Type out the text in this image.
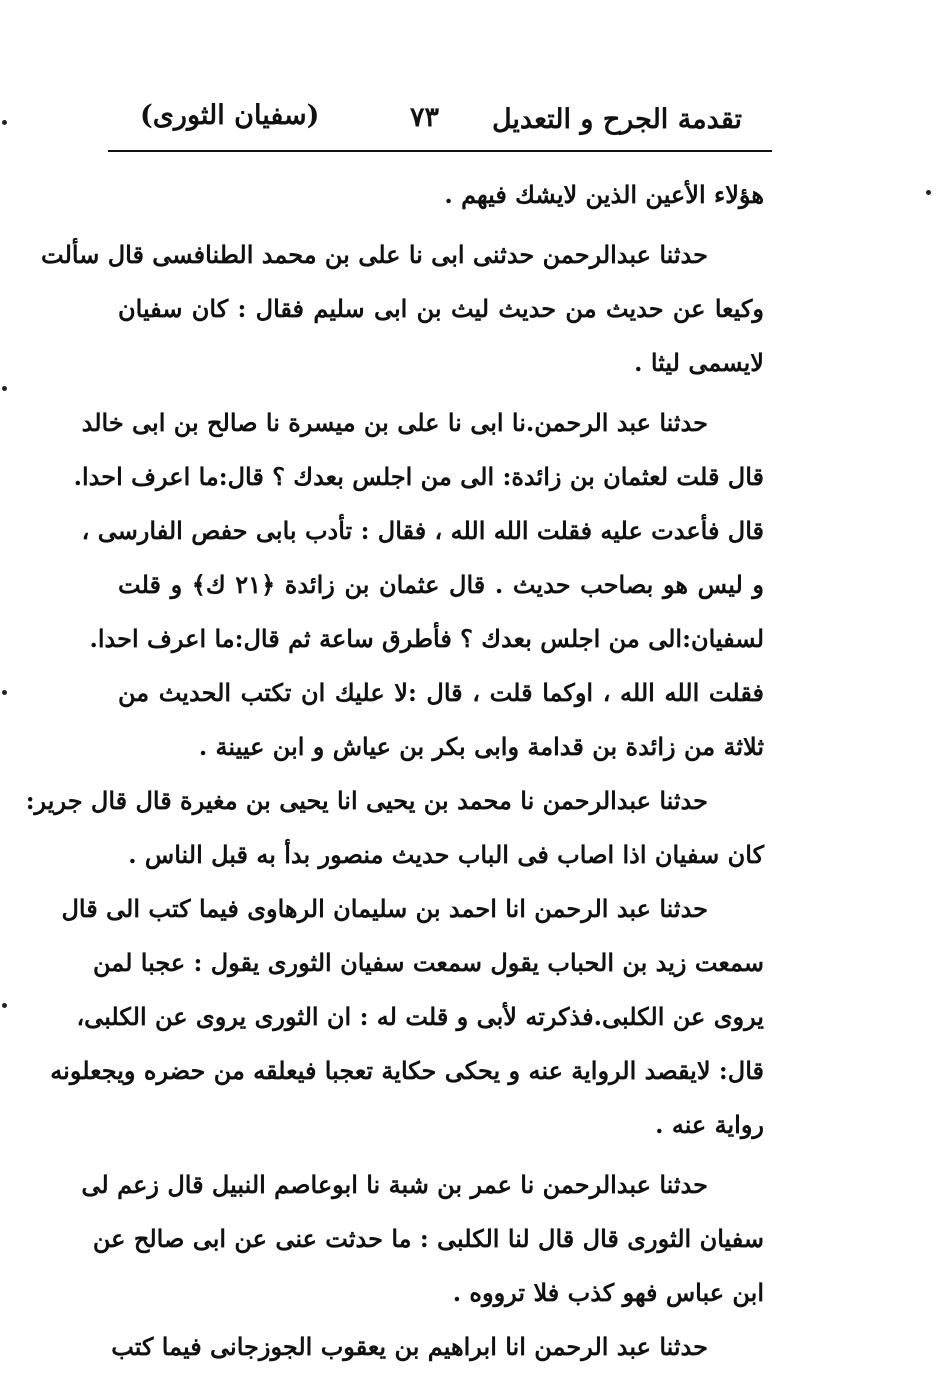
تقدمة الجرح و التعديل
٧٣
(سفيان الثورى)
هؤلاء الأعين الذين لايشك فيهم .
حدثنا عبدالرحمن حدثنى ابى نا على بن محمد الطنافسى قال سألت
وكيعا عن حديث من حديث ليث بن ابى سليم فقال : كان سفيان
لايسمى ليثا .
حدثنا عبد الرحمن.نا ابى نا على بن ميسرة نا صالح بن ابى خالد
قال قلت لعثمان بن زائدة: الى من اجلس بعدك ؟ قال:ما اعرف احدا.
قال فأعدت عليه فقلت الله الله ، فقال : تأدب بابى حفص الفارسى ،
و ليس هو بصاحب حديث . قال عثمان بن زائدة ﴿٢١ ك﴾ و قلت
لسفيان:الى من اجلس بعدك ؟ فأطرق ساعة ثم قال:ما اعرف احدا.
فقلت الله الله ، اوكما قلت ، قال :لا عليك ان تكتب الحديث من
ثلاثة من زائدة بن قدامة وابى بكر بن عياش و ابن عيينة .
حدثنا عبدالرحمن نا محمد بن يحيى انا يحيى بن مغيرة قال قال جرير:
كان سفيان اذا اصاب فى الباب حديث منصور بدأ به قبل الناس .
حدثنا عبد الرحمن انا احمد بن سليمان الرهاوى فيما كتب الى قال
سمعت زيد بن الحباب يقول سمعت سفيان الثورى يقول : عجبا لمن
يروى عن الكلبى.فذكرته لأبى و قلت له : ان الثورى يروى عن الكلبى،
قال: لايقصد الرواية عنه و يحكى حكاية تعجبا فيعلقه من حضره ويجعلونه
رواية عنه .
حدثنا عبدالرحمن نا عمر بن شبة نا ابوعاصم النبيل قال زعم لى
سفيان الثورى قال قال لنا الكلبى : ما حدثت عنى عن ابى صالح عن
ابن عباس فهو كذب فلا ترووه .
حدثنا عبد الرحمن انا ابراهيم بن يعقوب الجوزجانى فيما كتب
